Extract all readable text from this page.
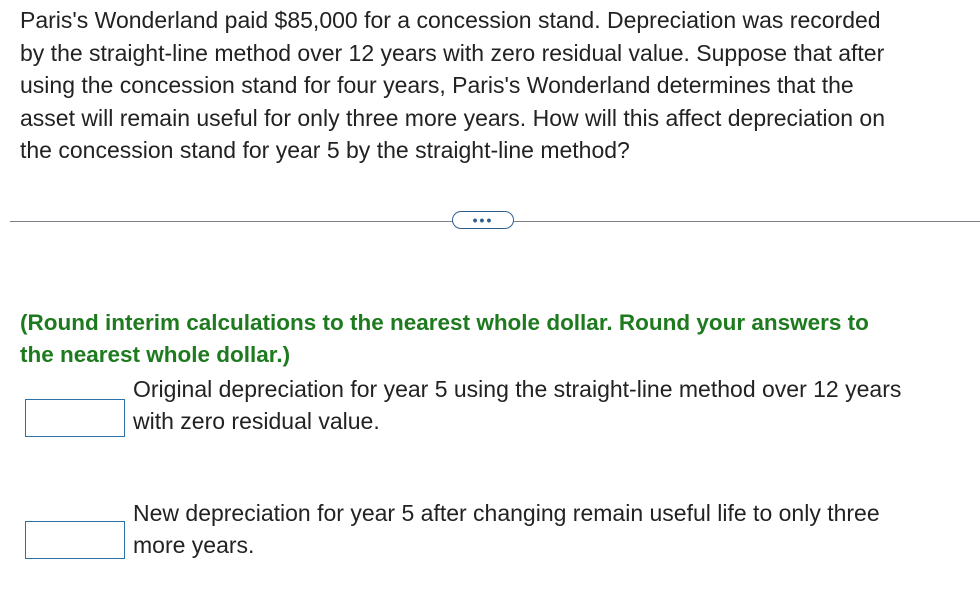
Paris's Wonderland paid $85,000 for a concession stand. Depreciation was recorded
by the straight-line method over 12 years with zero residual value. Suppose that after
using the concession stand for four years, Paris's Wonderland determines that the
asset will remain useful for only three more years. How will this affect depreciation on
the concession stand for year 5 by the straight-line method?
•••
(Round interim calculations to the nearest whole dollar. Round your answers to
the nearest whole dollar.)
Original depreciation for year 5 using the straight-line method over 12 years
with zero residual value.
New depreciation for year 5 after changing remain useful life to only three
more years.
